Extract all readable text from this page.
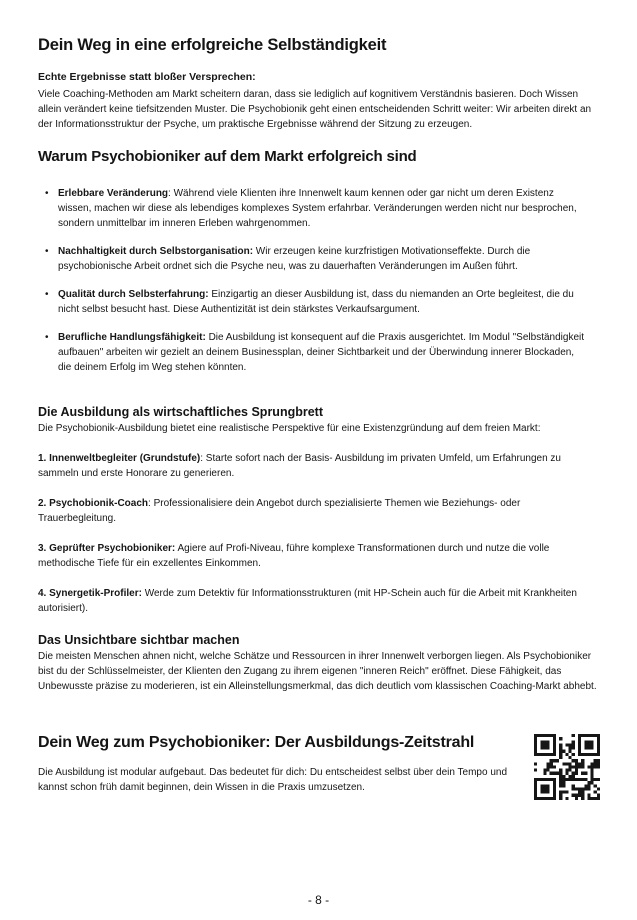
Dein Weg in eine erfolgreiche Selbständigkeit

Echte Ergebnisse statt bloßer Versprechen:

Viele Coaching-Methoden am Markt scheitern daran, dass sie lediglich auf kognitivem Verständnis basieren. Doch Wissen allein verändert keine tiefsitzenden Muster. Die Psychobionik geht einen entscheidenden Schritt weiter: Wir arbeiten direkt an der Informationsstruktur der Psyche, um praktische Ergebnisse während der Sitzung zu erzeugen.

Warum Psychobioniker auf dem Markt erfolgreich sind
• Erlebbare Veränderung: Während viele Klienten ihre Innenwelt kaum kennen oder gar nicht um deren Existenz wissen, machen wir diese als lebendiges komplexes System erfahrbar. Veränderungen werden nicht nur besprochen, sondern unmittelbar im inneren Erleben wahrgenommen.
• Nachhaltigkeit durch Selbstorganisation: Wir erzeugen keine kurzfristigen Motivationseffekte. Durch die psychobionische Arbeit ordnet sich die Psyche neu, was zu dauerhaften Veränderungen im Außen führt.
• Qualität durch Selbsterfahrung: Einzigartig an dieser Ausbildung ist, dass du niemanden an Orte begleitest, die du nicht selbst besucht hast. Diese Authentizität ist dein stärkstes Verkaufsargument.
• Berufliche Handlungsfähigkeit: Die Ausbildung ist konsequent auf die Praxis ausgerichtet. Im Modul "Selbständigkeit aufbauen" arbeiten wir gezielt an deinem Businessplan, deiner Sichtbarkeit und der Überwindung innerer Blockaden, die deinem Erfolg im Weg stehen könnten.
Die Ausbildung als wirtschaftliches Sprungbrett

Die Psychobionik-Ausbildung bietet eine realistische Perspektive für eine Existenzgründung auf dem freien Markt:

1. Innenweltbegleiter (Grundstufe): Starte sofort nach der Basis- Ausbildung im privaten Umfeld, um Erfahrungen zu sammeln und erste Honorare zu generieren.

2. Psychobionik-Coach: Professionalisiere dein Angebot durch spezialisierte Themen wie Beziehungs- oder Trauerbegleitung.

3. Geprüfter Psychobioniker: Agiere auf Profi-Niveau, führe komplexe Transformationen durch und nutze die volle methodische Tiefe für ein exzellentes Einkommen.

4. Synergetik-Profiler: Werde zum Detektiv für Informationsstrukturen (mit HP-Schein auch für die Arbeit mit Krankheiten autorisiert).

Das Unsichtbare sichtbar machen

Die meisten Menschen ahnen nicht, welche Schätze und Ressourcen in ihrer Innenwelt verborgen liegen. Als Psychobioniker bist du der Schlüsselmeister, der Klienten den Zugang zu ihrem eigenen "inneren Reich" eröffnet. Diese Fähigkeit, das Unbewusste präzise zu moderieren, ist ein Alleinstellungsmerkmal, das dich deutlich vom klassischen Coaching-Markt abhebt.

Dein Weg zum Psychobioniker: Der Ausbildungs-Zeitstrahl

Die Ausbildung ist modular aufgebaut. Das bedeutet für dich: Du entscheidest selbst über dein Tempo und kannst schon früh damit beginnen, dein Wissen in die Praxis umzusetzen.

- 8 -
